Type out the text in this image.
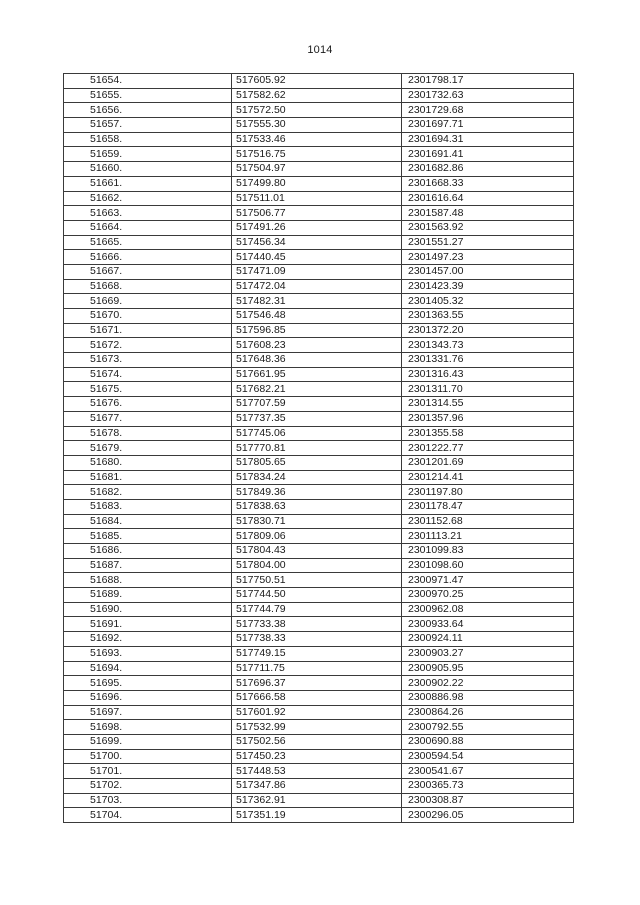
1014
51654.	517605.92	2301798.17
51655.	517582.62	2301732.63
51656.	517572.50	2301729.68
51657.	517555.30	2301697.71
51658.	517533.46	2301694.31
51659.	517516.75	2301691.41
51660.	517504.97	2301682.86
51661.	517499.80	2301668.33
51662.	517511.01	2301616.64
51663.	517506.77	2301587.48
51664.	517491.26	2301563.92
51665.	517456.34	2301551.27
51666.	517440.45	2301497.23
51667.	517471.09	2301457.00
51668.	517472.04	2301423.39
51669.	517482.31	2301405.32
51670.	517546.48	2301363.55
51671.	517596.85	2301372.20
51672.	517608.23	2301343.73
51673.	517648.36	2301331.76
51674.	517661.95	2301316.43
51675.	517682.21	2301311.70
51676.	517707.59	2301314.55
51677.	517737.35	2301357.96
51678.	517745.06	2301355.58
51679.	517770.81	2301222.77
51680.	517805.65	2301201.69
51681.	517834.24	2301214.41
51682.	517849.36	2301197.80
51683.	517838.63	2301178.47
51684.	517830.71	2301152.68
51685.	517809.06	2301113.21
51686.	517804.43	2301099.83
51687.	517804.00	2301098.60
51688.	517750.51	2300971.47
51689.	517744.50	2300970.25
51690.	517744.79	2300962.08
51691.	517733.38	2300933.64
51692.	517738.33	2300924.11
51693.	517749.15	2300903.27
51694.	517711.75	2300905.95
51695.	517696.37	2300902.22
51696.	517666.58	2300886.98
51697.	517601.92	2300864.26
51698.	517532.99	2300792.55
51699.	517502.56	2300690.88
51700.	517450.23	2300594.54
51701.	517448.53	2300541.67
51702.	517347.86	2300365.73
51703.	517362.91	2300308.87
51704.	517351.19	2300296.05
